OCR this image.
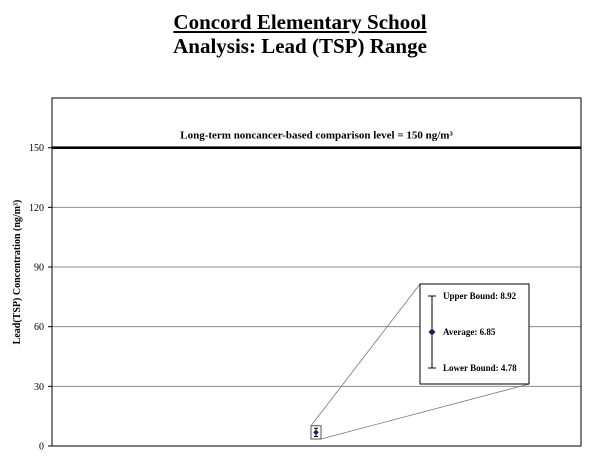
Concord Elementary School
Analysis: Lead (TSP) Range
0
30
60
90
120
150
Lead(TSP) Concentration (ng/m³)
Long-term noncancer-based comparison level = 150 ng/m³
Upper Bound: 8.92
Average: 6.85
Lower Bound: 4.78
